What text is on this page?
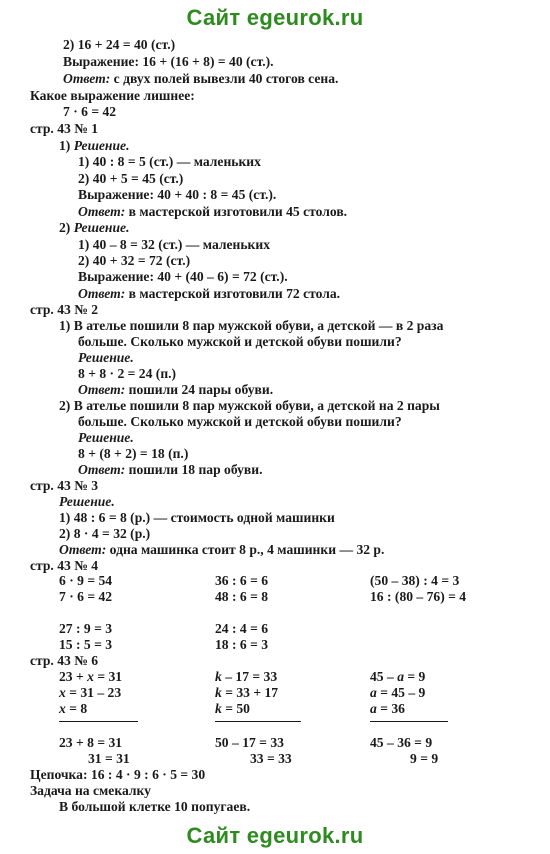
Сайт egeurok.ru
Сайт egeurok.ru
2) 16 + 24 = 40 (ст.)
Выражение: 16 + (16 + 8) = 40 (ст.).
Ответ: с двух полей вывезли 40 стогов сена.
Какое выражение лишнее:
7 · 6 = 42
стр. 43 № 1
1) Решение.
1) 40 : 8 = 5 (ст.) — маленьких
2) 40 + 5 = 45 (ст.)
Выражение: 40 + 40 : 8 = 45 (ст.).
Ответ: в мастерской изготовили 45 столов.
2) Решение.
1) 40 – 8 = 32 (ст.) — маленьких
2) 40 + 32 = 72 (ст.)
Выражение: 40 + (40 – 6) = 72 (ст.).
Ответ: в мастерской изготовили 72 стола.
стр. 43 № 2
1) В ателье пошили 8 пар мужской обуви, а детской — в 2 раза
больше. Сколько мужской и детской обуви пошили?
Решение.
8 + 8 · 2 = 24 (п.)
Ответ: пошили 24 пары обуви.
2) В ателье пошили 8 пар мужской обуви, а детской на 2 пары
больше. Сколько мужской и детской обуви пошили?
Решение.
8 + (8 + 2) = 18 (п.)
Ответ: пошили 18 пар обуви.
стр. 43 № 3
Решение.
1) 48 : 6 = 8 (р.) — стоимость одной машинки
2) 8 · 4 = 32 (р.)
Ответ: одна машинка стоит 8 р., 4 машинки — 32 р.
стр. 43 № 4
6 · 9 = 54
7 · 6 = 42
27 : 9 = 3
15 : 5 = 3
36 : 6 = 6
48 : 6 = 8
24 : 4 = 6
18 : 6 = 3
(50 – 38) : 4 = 3
16 : (80 – 76) = 4
стр. 43 № 6
23 + x = 31
x = 31 – 23
x = 8
23 + 8 = 31
31 = 31
k – 17 = 33
k = 33 + 17
k = 50
50 – 17 = 33
33 = 33
45 – a = 9
a = 45 – 9
a = 36
45 – 36 = 9
9 = 9
Цепочка: 16 : 4 · 9 : 6 · 5 = 30
Задача на смекалку
В большой клетке 10 попугаев.
